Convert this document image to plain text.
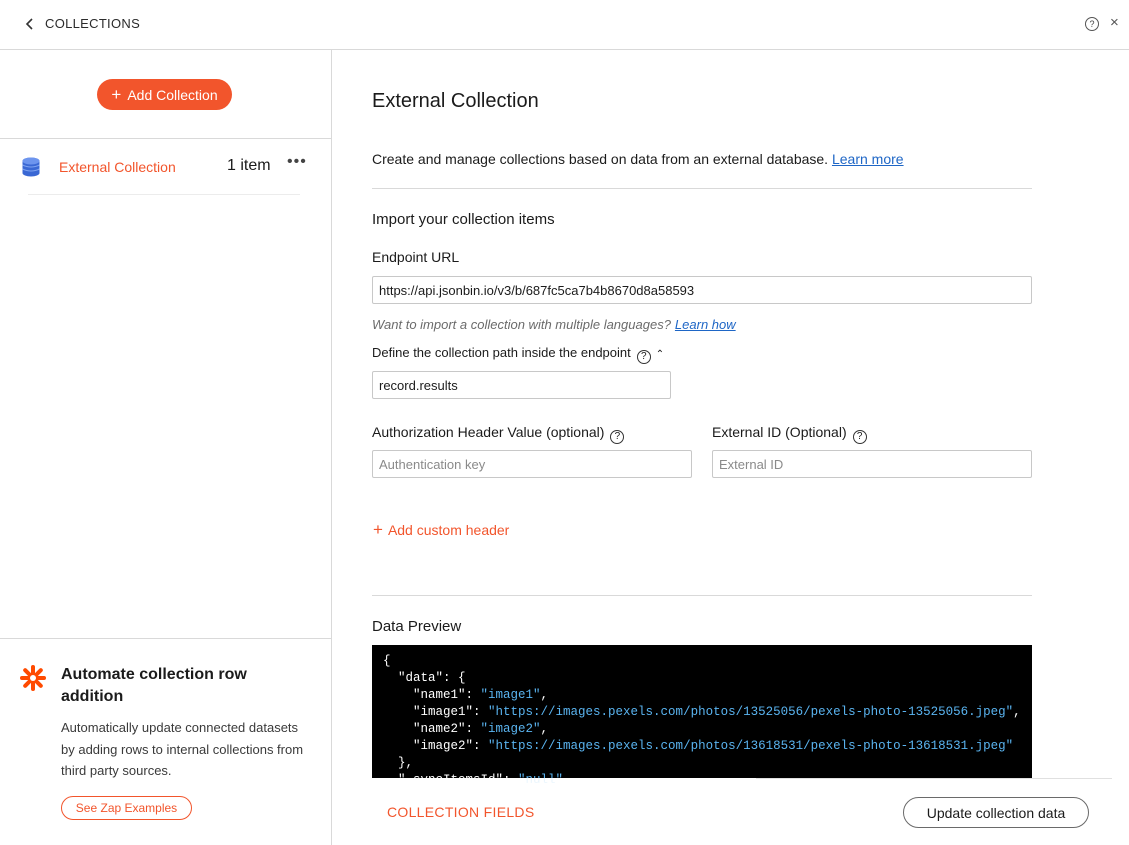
COLLECTIONS	?	×
+ Add Collection
External Collection	1 item •••
Automate collection row addition
Automatically update connected datasets by adding rows to internal collections from third party sources.
See Zap Examples
External Collection
Create and manage collections based on data from an external database. Learn more
Import your collection items
Endpoint URL
https://api.jsonbin.io/v3/b/687fc5ca7b4b8670d8a58593
Want to import a collection with multiple languages? Learn how
Define the collection path inside the endpoint ? ⌃
record.results
Authorization Header Value (optional) ?
Authentication key	External ID (Optional) ?
External ID
+ Add custom header
Data Preview
{
"data": {
"name1": "image1",
"image1": "https://images.pexels.com/photos/13525056/pexels-photo-13525056.jpeg",
"name2": "image2",
"image2": "https://images.pexels.com/photos/13618531/pexels-photo-13618531.jpeg"
},
COLLECTION FIELDS	Update collection data
